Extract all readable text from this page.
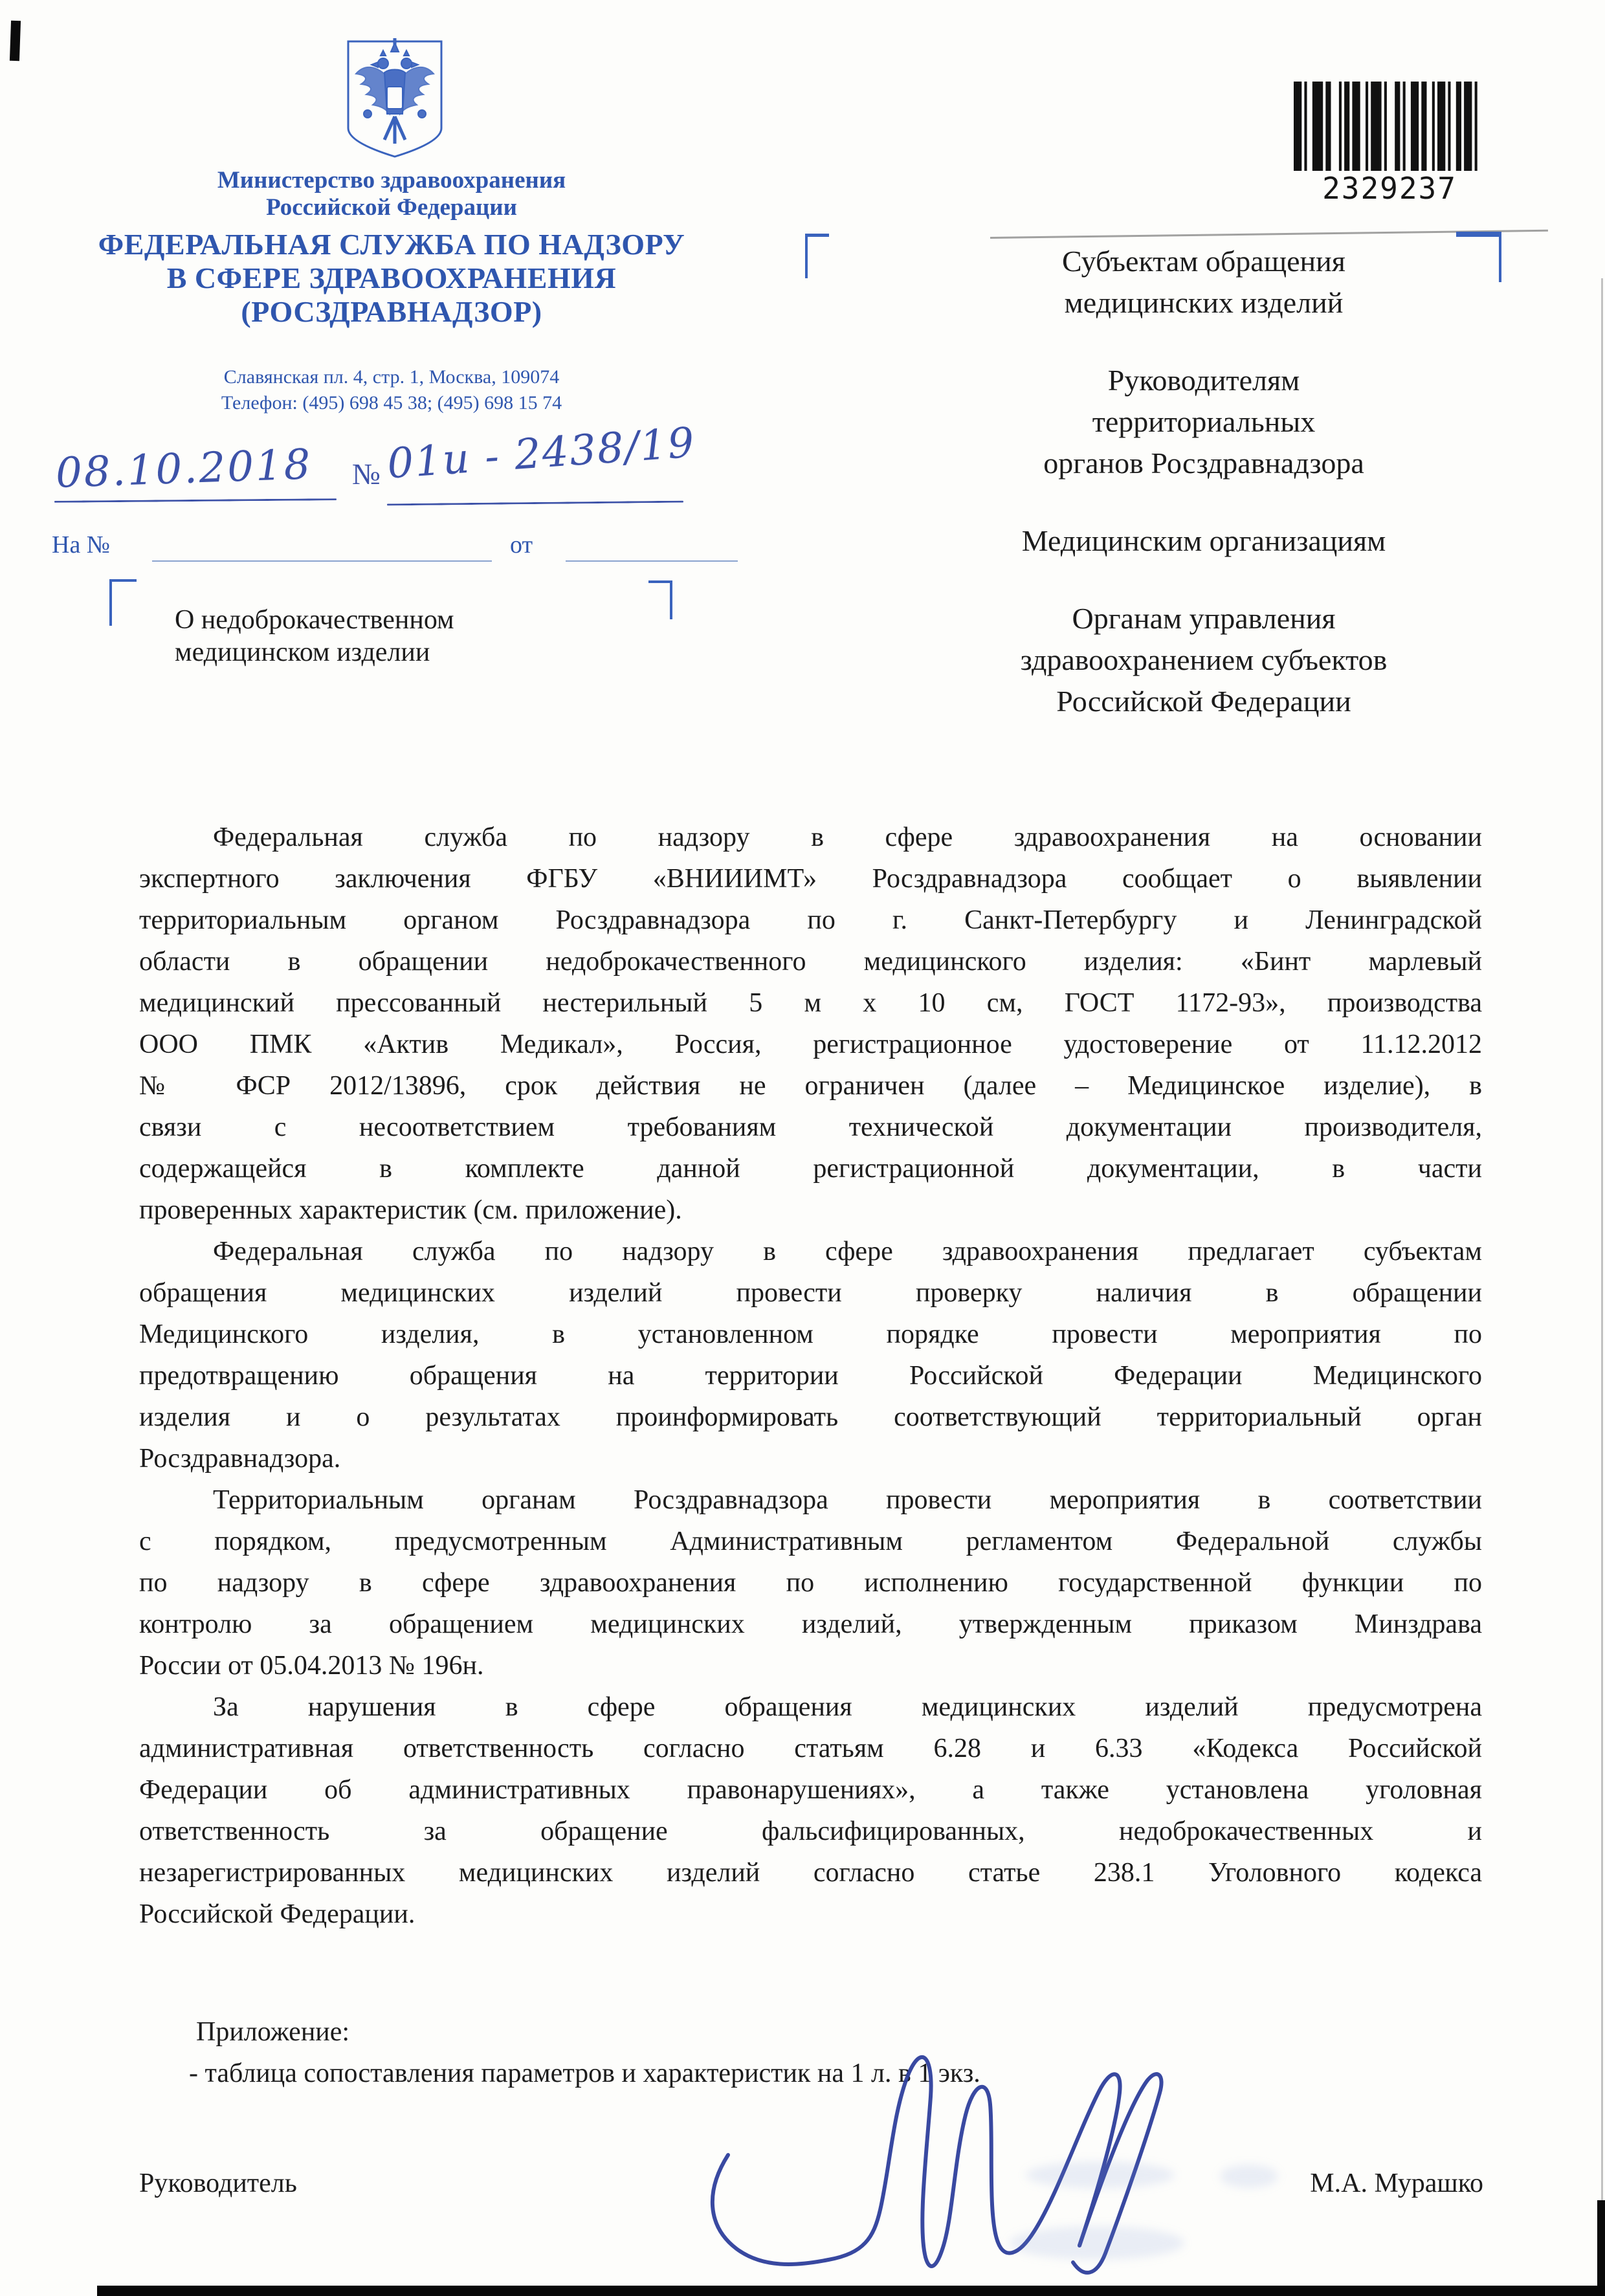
Министерство здравоохранения
Российской Федерации
ФЕДЕРАЛЬНАЯ СЛУЖБА ПО НАДЗОРУ
В СФЕРЕ ЗДРАВООХРАНЕНИЯ
(РОСЗДРАВНАДЗОР)
Славянская пл. 4, стр. 1, Москва, 109074
Телефон: (495) 698 45 38; (495) 698 15 74
08.10.2018 № 01и - 2438/19
На №	от
О недоброкачественном
медицинском изделии
Субъектам обращения
медицинских изделий
Руководителям
территориальных
органов Росздравнадзора
Медицинским организациям
Органам управления
здравоохранением субъектов
Российской Федерации
2329237
Федеральная служба по надзору в сфере здравоохранения на основании
экспертного заключения ФГБУ «ВНИИИМТ» Росздравнадзора сообщает о выявлении
территориальным органом Росздравнадзора по г. Санкт-Петербургу и Ленинградской
области в обращении недоброкачественного медицинского изделия: «Бинт марлевый
медицинский прессованный нестерильный 5 м х 10 см, ГОСТ 1172-93», производства
ООО ПМК «Актив Медикал», Россия, регистрационное удостоверение от 11.12.2012
№ ФСР 2012/13896, срок действия не ограничен (далее – Медицинское изделие), в
связи с несоответствием требованиям технической документации производителя,
содержащейся в комплекте данной регистрационной документации, в части
проверенных характеристик (см. приложение).
Федеральная служба по надзору в сфере здравоохранения предлагает субъектам
обращения медицинских изделий провести проверку наличия в обращении
Медицинского изделия, в установленном порядке провести мероприятия по
предотвращению обращения на территории Российской Федерации Медицинского
изделия и о результатах проинформировать соответствующий территориальный орган
Росздравнадзора.
Территориальным органам Росздравнадзора провести мероприятия в соответствии
с порядком, предусмотренным Административным регламентом Федеральной службы
по надзору в сфере здравоохранения по исполнению государственной функции по
контролю за обращением медицинских изделий, утвержденным приказом Минздрава
России от 05.04.2013 № 196н.
За нарушения в сфере обращения медицинских изделий предусмотрена
административная ответственность согласно статьям 6.28 и 6.33 «Кодекса Российской
Федерации об административных правонарушениях», а также установлена уголовная
ответственность за обращение фальсифицированных, недоброкачественных и
незарегистрированных медицинских изделий согласно статье 238.1 Уголовного кодекса
Российской Федерации.
Приложение:
- таблица сопоставления параметров и характеристик на 1 л. в 1 экз.
Руководитель	М.А. Мурашко
